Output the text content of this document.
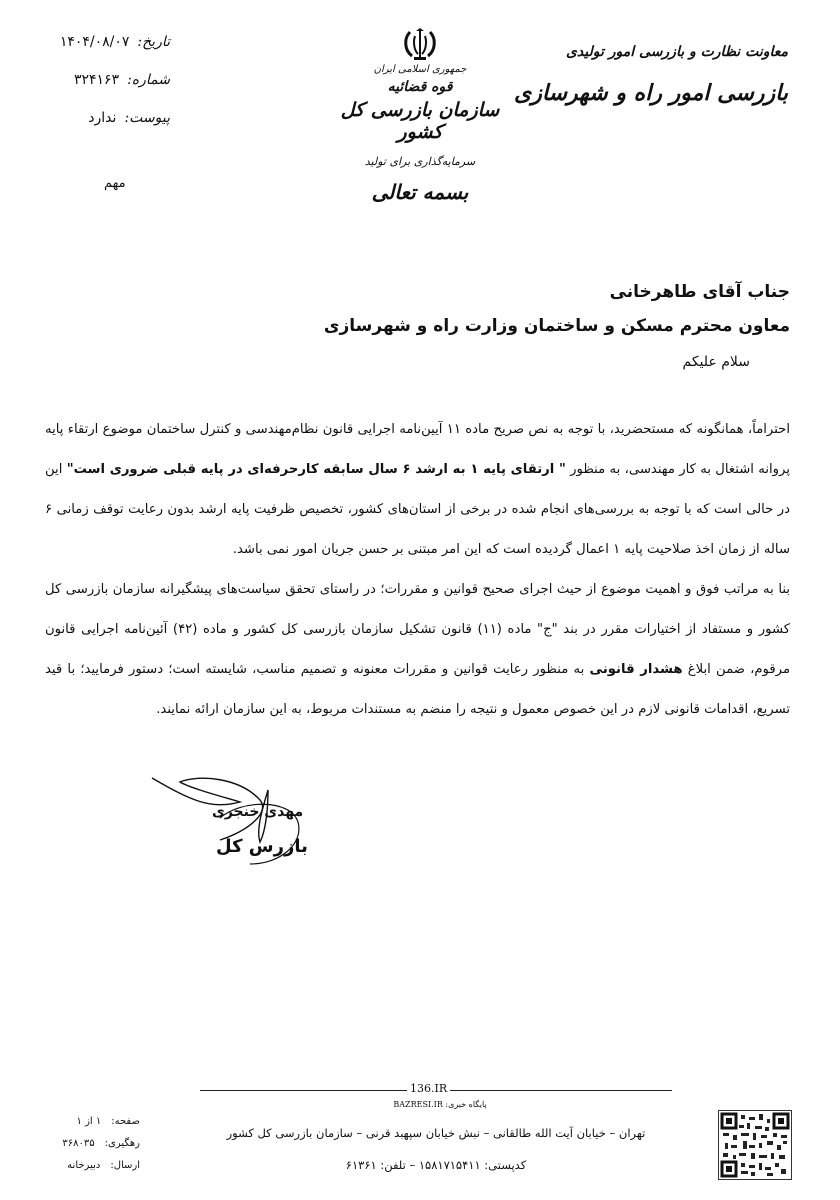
تاریخ:
۱۴۰۴/۰۸/۰۷
شماره:
۳۲۴۱۶۳
پیوست:
ندارد
مهم
جمهوری اسلامی ایران
قوه قضائیه
سازمان بازرسی کل کشور
سرمایه‌گذاری برای تولید
بسمه تعالی
معاونت نظارت و بازرسی امور تولیدی
بازرسی امور راه و شهرسازی
جناب آقای طاهرخانی
معاون محترم مسکن و ساختمان وزارت راه و شهرسازی
سلام علیکم

احتراماً، همانگونه که مستحضرید، با توجه به نص صریح ماده ۱۱ آیین‌نامه اجرایی قانون نظام‌مهندسی و کنترل ساختمان موضوع ارتقاء پایه پروانه اشتغال به کار مهندسی، به منظور " ارتقای پایه ۱ به ارشد ۶ سال سابقه کارحرفه‌ای در پایه قبلی ضروری است" این در حالی است که با توجه به بررسی‌های انجام شده در برخی از استان‌های کشور، تخصیص ظرفیت پایه ارشد بدون رعایت توقف زمانی ۶ ساله از زمان اخذ صلاحیت پایه ۱ اعمال گردیده است که این امر مبتنی بر حسن جریان امور نمی باشد.

بنا به مراتب فوق و اهمیت موضوع از حیث اجرای صحیح قوانین و مقررات؛ در راستای تحقق سیاست‌های پیشگیرانه سازمان بازرسی کل کشور و مستفاد از اختیارات مقرر در بند "ج" ماده (۱۱) قانون تشکیل سازمان بازرسی کل کشور و ماده (۴۲) آئین‌نامه اجرایی قانون مرقوم، ضمن ابلاغ هشدار قانونی به منظور رعایت قوانین و مقررات معنونه و تصمیم مناسب، شایسته است؛ دستور فرمایید؛ با قید تسریع، اقدامات قانونی لازم در این خصوص معمول و نتیجه را منضم به مستندات مربوط، به این سازمان ارائه نمایند.

مهدی خنجری
بازرس کل
136.IR
BAZRESI.IR پایگاه خبری:
تهران – خیابان آیت الله طالقانی – نبش خیابان سپهبد قرنی – سازمان بازرسی کل کشور
کدپستی: ۱۵۸۱۷۱۵۴۱۱ – تلفن: ۶۱۳۶۱
صفحه:
۱ از ۱
رهگیری:
۳۶۸۰۳۵
ارسال:
دبیرخانه
